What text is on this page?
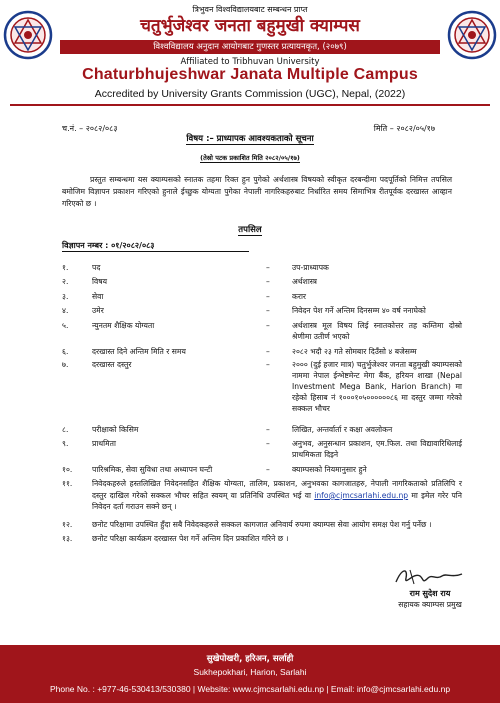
त्रिभुवन विश्वविद्यालयबाट सम्बन्धन प्राप्त
चतुर्भुजेश्वर जनता बहुमुखी क्याम्पस
विश्वविद्यालय अनुदान आयोगबाट गुणस्तर प्रत्यायनकृत, (२०७९)
Affiliated to Tribhuvan University
Chaturbhujeshwar Janata Multiple Campus
Accredited by University Grants Commission (UGC), Nepal, (2022)
च.नं. – २०८२/०८३	मिति – २०८२/०५/१७
विषय :– प्राध्यापक आवश्यकताको सूचना
(तेस्रो पटक प्रकाशित मिति २०८२/०५/१७)
प्रस्तुत सम्बन्धमा यस क्याम्पसको स्नातक तहमा रिक्त हुन पुगेको अर्थशास्त्र विषयको स्वीकृत दरबन्दीमा पदपूर्तिको निमित्त तपसिल बमोजिम विज्ञापन प्रकाशन गरिएको हुनाले ईच्छुक योग्यता पुगेका नेपाली नागरिकहरुबाट निर्धारित समय सिमाभित्र रीतपूर्वक दरखास्त आव्हान गरिएको छ ।
तपसिल
विज्ञापन नम्बर : ०१/२०८२/०८३
१.	पद	–	उप-प्राध्यापक
२.	विषय	–	अर्थशास्त्र
३.	सेवा	–	करार
४.	उमेर	–	निवेदन पेश गर्ने अन्तिम दिनसम्म ४० वर्ष ननाघेको
५.	न्युनतम शैक्षिक योग्यता	–	अर्थशास्त्र मूल विषय लिई स्नातकोत्तर तह कम्तिमा दोस्रो श्रेणीमा उतीर्ण भएको
६.	दरखास्त दिने अन्तिम मिति र समय	–	२०८२ भदौ २३ गते सोमबार दिउँसो ४ बजेसम्म
७.	दरखास्त दस्तुर	–	२००० (दुई हजार मात्र) चतुर्भुजेश्वर जनता बहुमुखी क्याम्पसको नाममा नेपाल ईन्भेष्टमेन्ट मेगा बैंक, हरियन शाखा (Nepal Investment Mega Bank, Harion Branch) मा रहेको हिसाब नं १०००१०५००००००८६ मा दस्तुर जम्मा गरेको सक्कल भौचर
८.	परीक्षाको किसिम	–	लिखित, अन्तर्वार्ता र कक्षा अवलोकन
९.	प्राथमिता	–	अनुभव, अनुसन्धान प्रकाशन, एम.फिल. तथा विद्यावारिधिलाई प्राथमिकता दिइने
१०.	पारिश्रमिक, सेवा सुविधा तथा अध्यापन घन्टी	–	क्याम्पसको नियमानुसार हुने
११.	निवेदकहरुले हस्तलिखित निवेदनसहित शैक्षिक योग्यता, तालिम, प्रकाशन, अनुभवका कागजातहरु, नेपाली नागरिकताको प्रतिलिपि र दस्तुर दाखिल गरेको सक्कल भौचर सहित स्वयम् वा प्रतिनिधि उपस्थित भई वा info@cjmcsarlahi.edu.np मा इमेल गरेर पनि निवेदन दर्ता गराउन सक्ने छन् ।
१२.	छनोट परिक्षामा उपस्थित हुँदा सबै निवेदकहरुले सक्कल कागजात अनिवार्य रुपमा क्याम्पस सेवा आयोग समक्ष पेश गर्नु पर्नेछ ।
१३.	छनोट परिक्षा कार्यक्रम दरखास्त पेश गर्ने अन्तिम दिन प्रकाशित गरिने छ ।
राम सुदेश राय
सहायक क्याम्पस प्रमुख
सुखेपोखरी, हरिअन, सर्लाही
Sukhepokhari, Harion, Sarlahi
Phone No. : +977-46-530413/530380 | Website: www.cjmcsarlahi.edu.np | Email: info@cjmcsarlahi.edu.np
